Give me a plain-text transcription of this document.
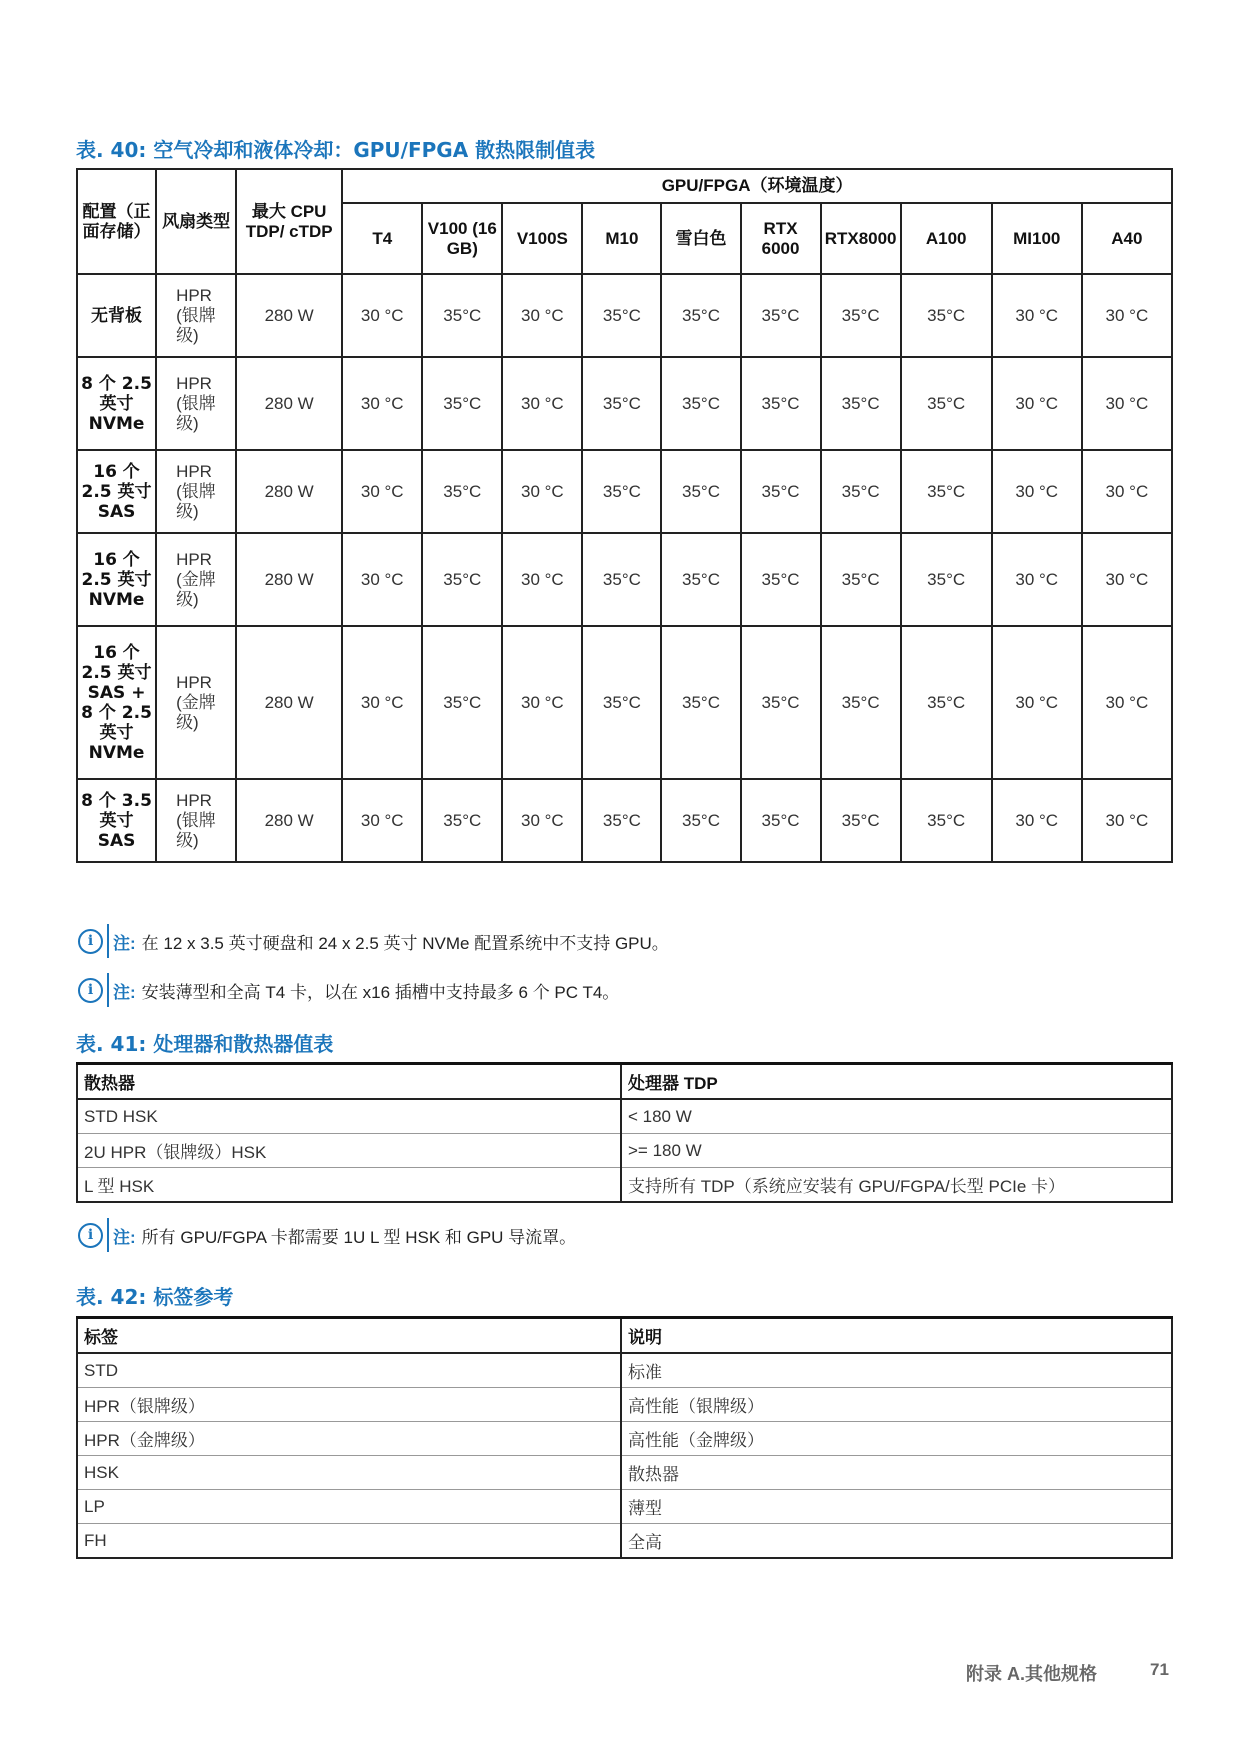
表. 40: 空气冷却和液体冷却：GPU/FPGA 散热限制值表
配置（正面存储）	风扇类型	最大 CPU TDP/ cTDP	GPU/FPGA（环境温度）									
			T4	V100 (16 GB)	V100S	M10	雪白色	RTX 6000	RTX8000	A100	MI100	A40
无背板	HPR (银牌级)	280 W	30 °C	35°C	30 °C	35°C	35°C	35°C	35°C	35°C	30 °C	30 °C
8 个 2.5 英寸 NVMe	HPR (银牌级)	280 W	30 °C	35°C	30 °C	35°C	35°C	35°C	35°C	35°C	30 °C	30 °C
16 个 2.5 英寸 SAS	HPR (银牌级)	280 W	30 °C	35°C	30 °C	35°C	35°C	35°C	35°C	35°C	30 °C	30 °C
16 个 2.5 英寸 NVMe	HPR (金牌级)	280 W	30 °C	35°C	30 °C	35°C	35°C	35°C	35°C	35°C	30 °C	30 °C
16 个 2.5 英寸 SAS + 8 个 2.5 英寸 NVMe	HPR (金牌级)	280 W	30 °C	35°C	30 °C	35°C	35°C	35°C	35°C	35°C	30 °C	30 °C
8 个 3.5 英寸 SAS	HPR (银牌级)	280 W	30 °C	35°C	30 °C	35°C	35°C	35°C	35°C	35°C	30 °C	30 °C
i	注: 在 12 x 3.5 英寸硬盘和 24 x 2.5 英寸 NVMe 配置系统中不支持 GPU。
i	注: 安装薄型和全高 T4 卡，以在 x16 插槽中支持最多 6 个 PC T4。
表. 41: 处理器和散热器值表
散热器	处理器 TDP
STD HSK	< 180 W
2U HPR（银牌级）HSK	>= 180 W
L 型 HSK	支持所有 TDP（系统应安装有 GPU/FGPA/长型 PCIe 卡）
i	注: 所有 GPU/FGPA 卡都需要 1U L 型 HSK 和 GPU 导流罩。
表. 42: 标签参考
标签	说明
STD	标准
HPR（银牌级）	高性能（银牌级）
HPR（金牌级）	高性能（金牌级）
HSK	散热器
LP	薄型
FH	全高
附录 A.其他规格	71
